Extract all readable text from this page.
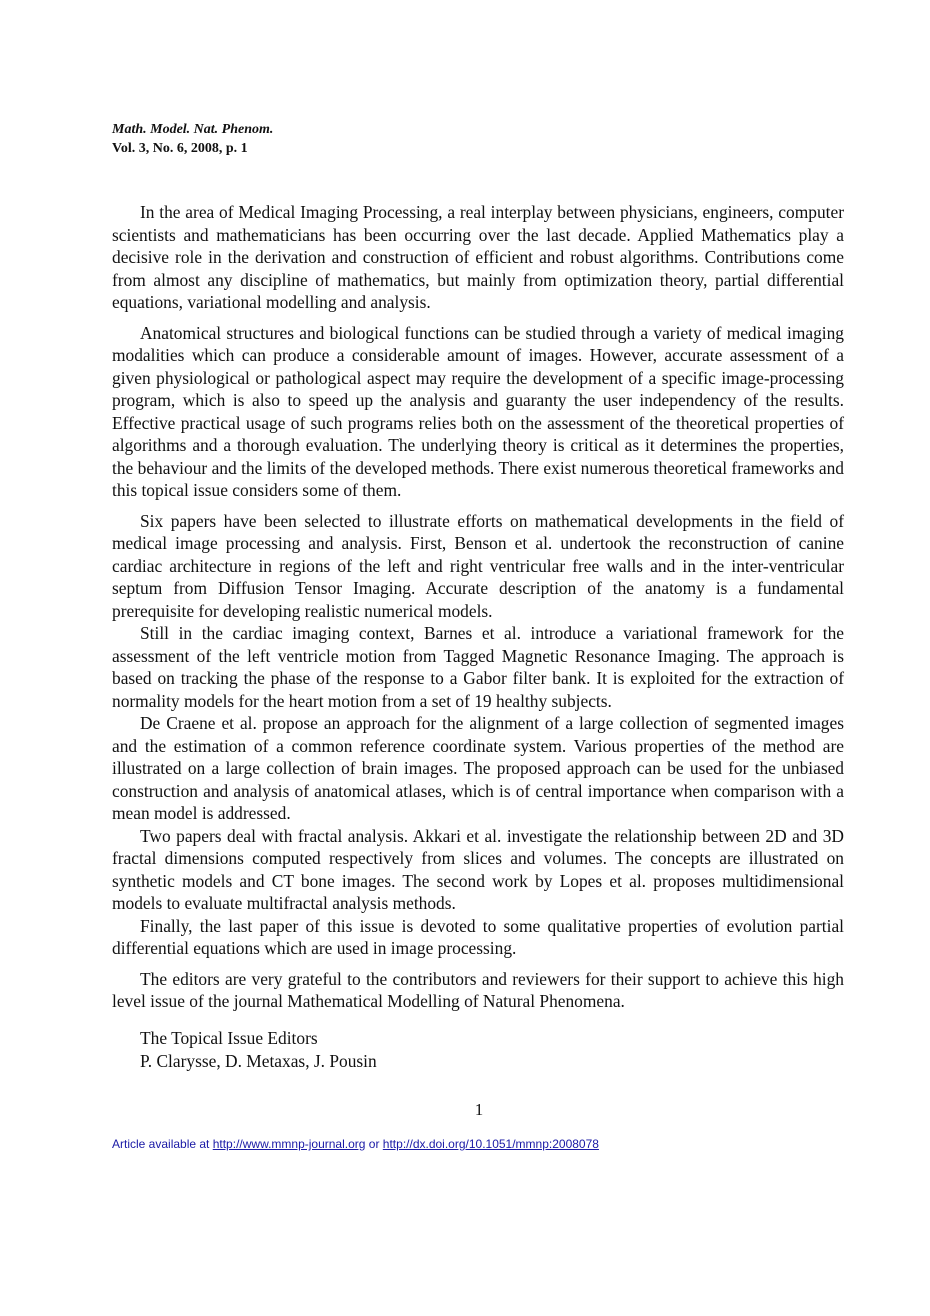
Math. Model. Nat. Phenom.
Vol. 3, No. 6, 2008, p. 1

In the area of Medical Imaging Processing, a real interplay between physicians, engineers, computer scientists and mathematicians has been occurring over the last decade. Applied Mathematics play a decisive role in the derivation and construction of efficient and robust algorithms. Contributions come from almost any discipline of mathematics, but mainly from optimization theory, partial differential equations, variational modelling and analysis.

Anatomical structures and biological functions can be studied through a variety of medical imaging modalities which can produce a considerable amount of images. However, accurate assessment of a given physiological or pathological aspect may require the development of a specific image-processing program, which is also to speed up the analysis and guaranty the user independency of the results. Effective practical usage of such programs relies both on the assessment of the theoretical properties of algorithms and a thorough evaluation. The underlying theory is critical as it determines the properties, the behaviour and the limits of the developed methods. There exist numerous theoretical frameworks and this topical issue considers some of them.

Six papers have been selected to illustrate efforts on mathematical developments in the field of medical image processing and analysis. First, Benson et al. undertook the reconstruction of canine cardiac architecture in regions of the left and right ventricular free walls and in the inter-ventricular septum from Diffusion Tensor Imaging. Accurate description of the anatomy is a fundamental prerequisite for developing realistic numerical models.

Still in the cardiac imaging context, Barnes et al. introduce a variational framework for the assessment of the left ventricle motion from Tagged Magnetic Resonance Imaging. The approach is based on tracking the phase of the response to a Gabor filter bank. It is exploited for the extraction of normality models for the heart motion from a set of 19 healthy subjects.

De Craene et al. propose an approach for the alignment of a large collection of segmented images and the estimation of a common reference coordinate system. Various properties of the method are illustrated on a large collection of brain images. The proposed approach can be used for the unbiased construction and analysis of anatomical atlases, which is of central importance when comparison with a mean model is addressed.

Two papers deal with fractal analysis. Akkari et al. investigate the relationship between 2D and 3D fractal dimensions computed respectively from slices and volumes. The concepts are illustrated on synthetic models and CT bone images. The second work by Lopes et al. proposes multidimensional models to evaluate multifractal analysis methods.

Finally, the last paper of this issue is devoted to some qualitative properties of evolution partial differential equations which are used in image processing.

The editors are very grateful to the contributors and reviewers for their support to achieve this high level issue of the journal Mathematical Modelling of Natural Phenomena.

The Topical Issue Editors
P. Clarysse, D. Metaxas, J. Pousin
1
Article available at http://www.mmnp-journal.org or http://dx.doi.org/10.1051/mmnp:2008078
